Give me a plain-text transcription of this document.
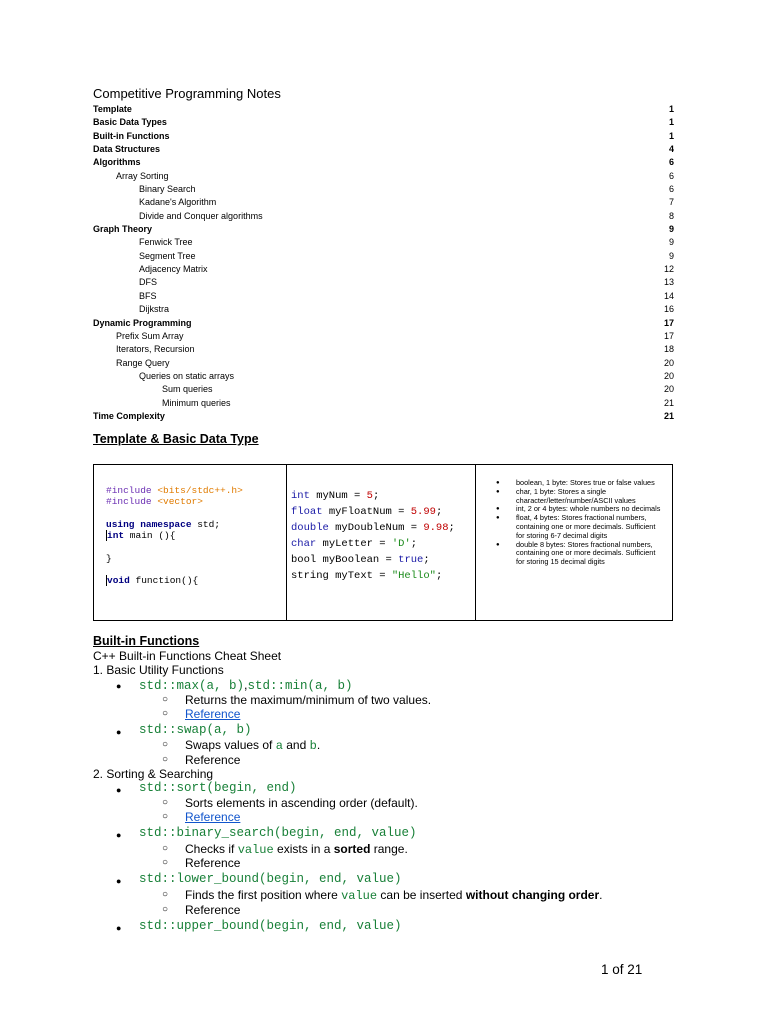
Competitive Programming Notes
Template	1
Basic Data Types	1
Built-in Functions	1
Data Structures	4
Algorithms	6
Array Sorting	6
Binary Search	6
Kadane's Algorithm	7
Divide and Conquer algorithms	8
Graph Theory	9
Fenwick Tree	9
Segment Tree	9
Adjacency Matrix	12
DFS	13
BFS	14
Dijkstra	16
Dynamic Programming	17
Prefix Sum Array	17
Iterators, Recursion	18
Range Query	20
Queries on static arrays	20
Sum queries	20
Minimum queries	21
Time Complexity	21
Template & Basic Data Type
#include <bits/stdc++.h>
#include <vector>

using namespace std;
int main (){

}

void function(){
int myNum = 5;
float myFloatNum = 5.99;
double myDoubleNum = 9.98;
char myLetter = 'D';
bool myBoolean = true;
string myText = "Hello";
● boolean, 1 byte: Stores true or false values
● char, 1 byte: Stores a single character/letter/number/ASCII values
● int, 2 or 4 bytes: whole numbers no decimals
● float, 4 bytes: Stores fractional numbers, containing one or more decimals. Sufficient for storing 6-7 decimal digits
● double 8 bytes: Stores fractional numbers, containing one or more decimals. Sufficient for storing 15 decimal digits
Built-in Functions
C++ Built-in Functions Cheat Sheet
1. Basic Utility Functions
● std::max(a, b),std::min(a, b)
○ Returns the maximum/minimum of two values.
○ Reference
● std::swap(a, b)
○ Swaps values of a and b.
○ Reference
2. Sorting & Searching
● std::sort(begin, end)
○ Sorts elements in ascending order (default).
○ Reference
● std::binary_search(begin, end, value)
○ Checks if value exists in a sorted range.
○ Reference
● std::lower_bound(begin, end, value)
○ Finds the first position where value can be inserted without changing order.
○ Reference
● std::upper_bound(begin, end, value)
1 of 21
